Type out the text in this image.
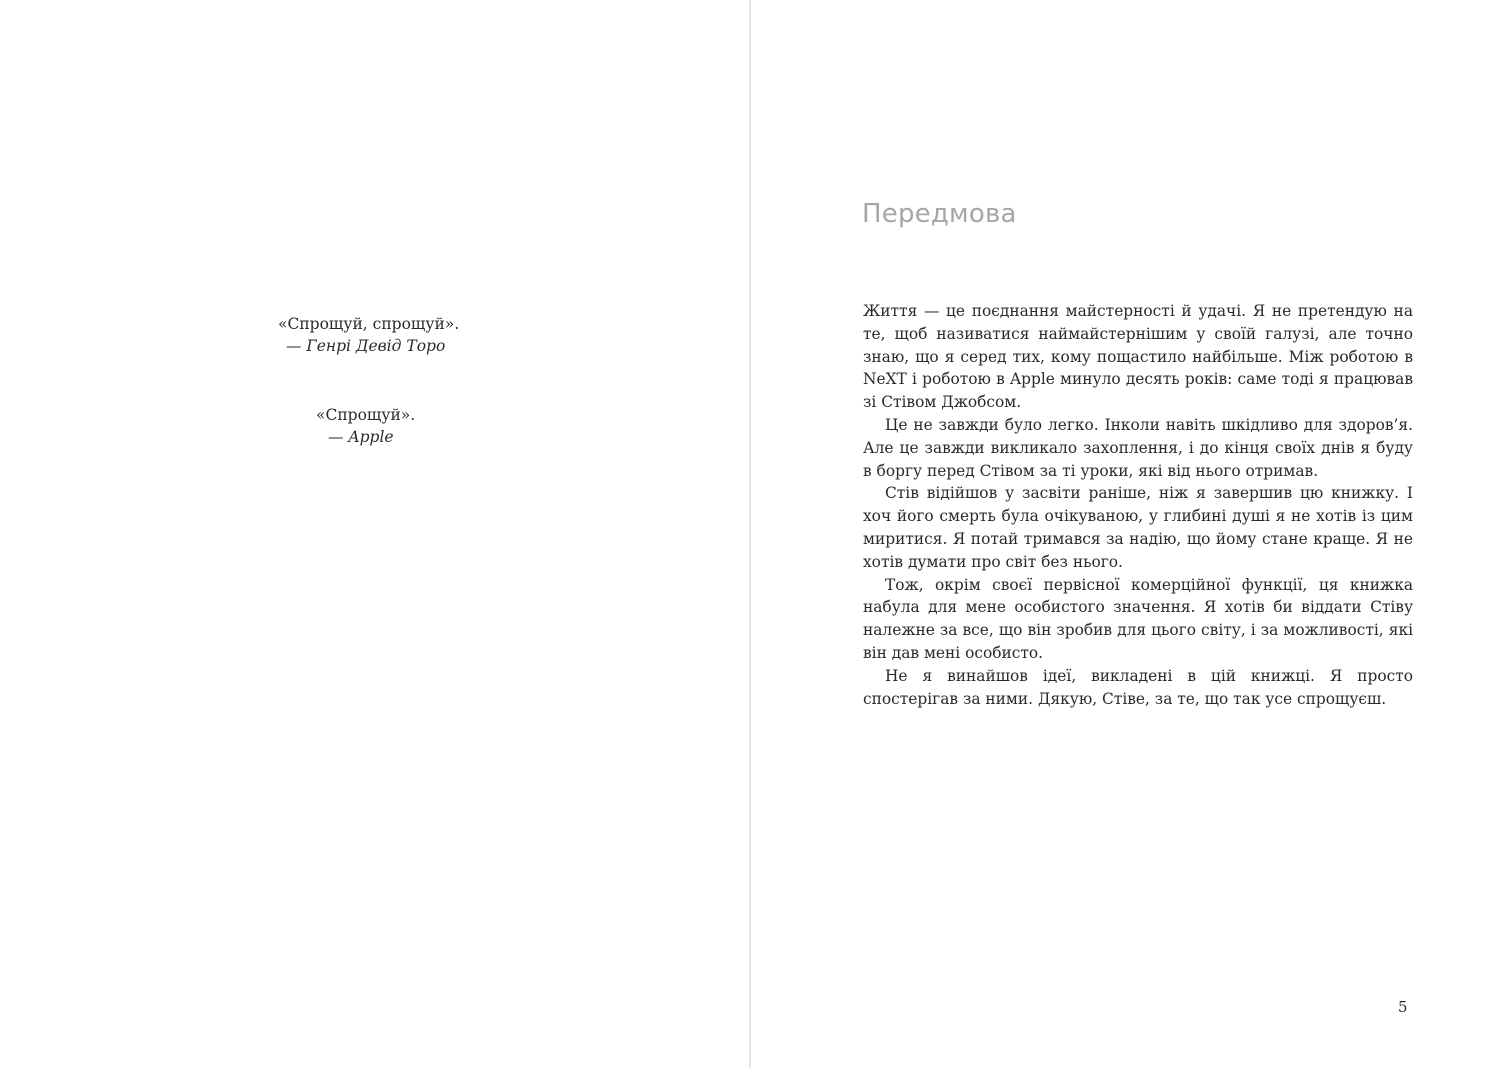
«Спрощуй, спрощуй».
— Генрі Девід Торо
«Спрощуй».
— Apple
Передмова

Життя — це поєднання майстерності й удачі. Я не претендую на те, щоб називатися наймайстернішим у своїй галузі, але точно знаю, що я серед тих, кому пощастило найбільше. Між роботою в NeXT і роботою в Apple минуло десять років: саме тоді я працював зі Стівом Джобсом.

Це не завжди було легко. Інколи навіть шкідливо для здоров’я. Але це завжди викликало захоплення, і до кінця своїх днів я буду в боргу перед Стівом за ті уроки, які від нього отримав.

Стів відійшов у засвіти раніше, ніж я завершив цю книжку. І хоч його смерть була очікуваною, у глибині душі я не хотів із цим миритися. Я потай тримався за надію, що йому стане краще. Я не хотів думати про світ без нього.

Тож, окрім своєї первісної комерційної функції, ця книжка набула для мене особистого значення. Я хотів би віддати Стіву належне за все, що він зробив для цього світу, і за можливості, які він дав мені особисто.

Не я винайшов ідеї, викладені в цій книжці. Я просто спостерігав за ними. Дякую, Стіве, за те, що так усе спрощуєш.

5
